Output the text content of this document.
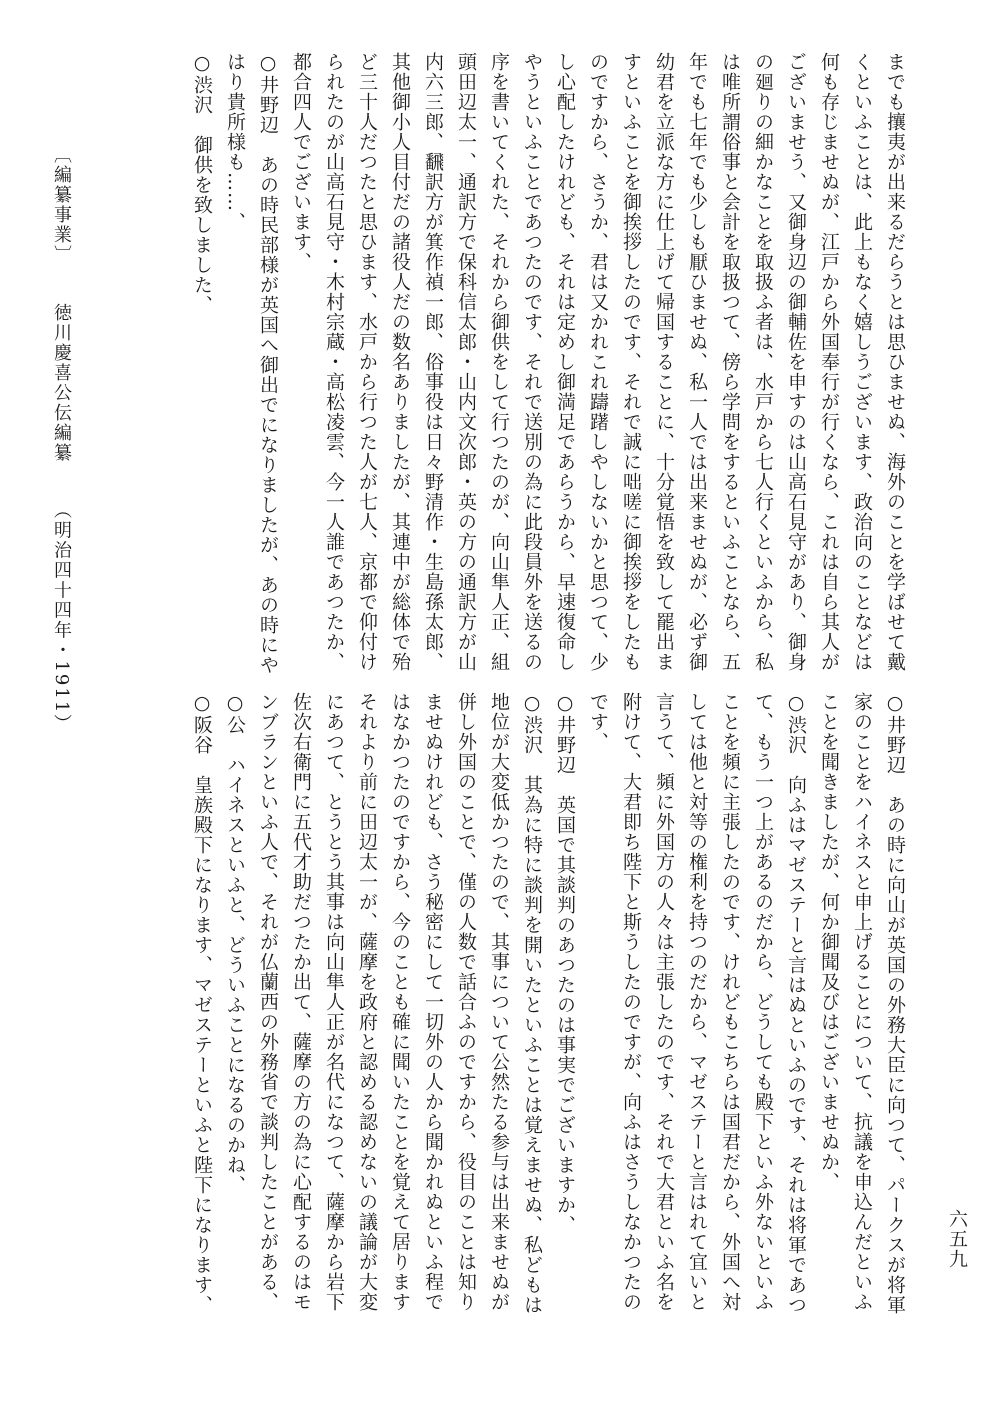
までも攘夷が出来るだらうとは思ひませぬ、海外のことを学ばせて戴
くといふことは、此上もなく嬉しうございます、政治向のことなどは
何も存じませぬが、江戸から外国奉行が行くなら、これは自ら其人が
ございませう、又御身辺の御輔佐を申すのは山高石見守があり、御身
の廻りの細かなことを取扱ふ者は、水戸から七人行くといふから、私
は唯所謂俗事と会計を取扱つて、傍ら学問をするといふことなら、五
年でも七年でも少しも厭ひませぬ、私一人では出来ませぬが、必ず御
幼君を立派な方に仕上げて帰国することに、十分覚悟を致して罷出ま
すといふことを御挨拶したのです、それで誠に咄嗟に御挨拶をしたも
のですから、さうか、君は又かれこれ躊躇しやしないかと思つて、少
し心配したけれども、それは定めし御満足であらうから、早速復命し
やうといふことであつたのです、それで送別の為に此段員外を送るの
序を書いてくれた、それから御供をして行つたのが、向山隼人正、組
頭田辺太一、通訳方で保科信太郎・山内文次郎・英の方の通訳方が山
内六三郎、飜訳方が箕作禎一郎、俗事役は日々野清作・生島孫太郎、
其他御小人目付だの諸役人だの数名ありましたが、其連中が総体で殆
ど三十人だつたと思ひます、水戸から行つた人が七人、京都で仰付け
られたのが山高石見守・木村宗蔵・高松凌雲、今一人誰であつたか、
都合四人でございます、
○井野辺　あの時民部様が英国へ御出でになりましたが、あの時にや
はり貴所様も……、
○渋沢　御供を致しました、
○井野辺　あの時に向山が英国の外務大臣に向つて、パークスが将軍
家のことをハイネスと申上げることについて、抗議を申込んだといふ
ことを聞きましたが、何か御聞及びはございませぬか、
○渋沢　向ふはマゼステーと言はぬといふのです、それは将軍であつ
て、もう一つ上があるのだから、どうしても殿下といふ外ないといふ
ことを頻に主張したのです、けれどもこちらは国君だから、外国へ対
しては他と対等の権利を持つのだから、マゼステーと言はれて宜いと
言うて、頻に外国方の人々は主張したのです、それで大君といふ名を
附けて、大君即ち陛下と斯うしたのですが、向ふはさうしなかつたの
です、
○井野辺　英国で其談判のあつたのは事実でございますか、
○渋沢　其為に特に談判を開いたといふことは覚えませぬ、私どもは
地位が大変低かつたので、其事について公然たる参与は出来ませぬが
併し外国のことで、僅の人数で話合ふのですから、役目のことは知り
ませぬけれども、さう秘密にして一切外の人から聞かれぬといふ程で
はなかつたのですから、今のことも確に聞いたことを覚えて居ります
それより前に田辺太一が、薩摩を政府と認める認めないの議論が大変
にあつて、とうとう其事は向山隼人正が名代になつて、薩摩から岩下
佐次右衛門に五代才助だつたか出て、薩摩の方の為に心配するのはモ
ンブランといふ人で、それが仏蘭西の外務省で談判したことがある、
○公　ハイネスといふと、どういふことになるのかね、
○阪谷　皇族殿下になります、マゼステーといふと陛下になります、	六五九
〔編纂事業〕 徳川慶喜公伝編纂 （明治四十四年・1911）
